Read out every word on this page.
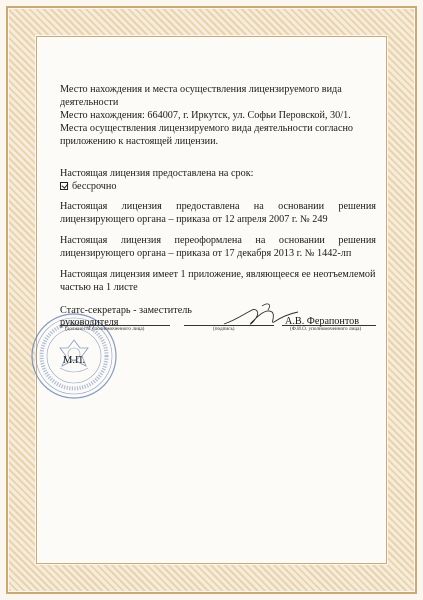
Место нахождения и места осуществления лицензируемого вида
деятельности
Место нахождения: 664007, г. Иркутск, ул. Софьи Перовской, 30/1.
Места осуществления лицензируемого вида деятельности согласно
приложению к настоящей лицензии.
Настоящая лицензия предоставлена на срок:
бессрочно
Настоящая лицензия предоставлена на основании решения
лицензирующего органа – приказа от 12 апреля 2007 г. № 249
Настоящая лицензия переоформлена на основании решения
лицензирующего органа – приказа от 17 декабря 2013 г. № 1442-лп
Настоящая лицензия имеет 1 приложение, являющееся ее неотъемлемой
частью на 1 листе
Статс-секретарь - заместитель
руководителя	А.В. Ферапонтов
(должность уполномоченного лица)	(подпись)	(Ф.И.О. уполномоченного лица)
М.П.
